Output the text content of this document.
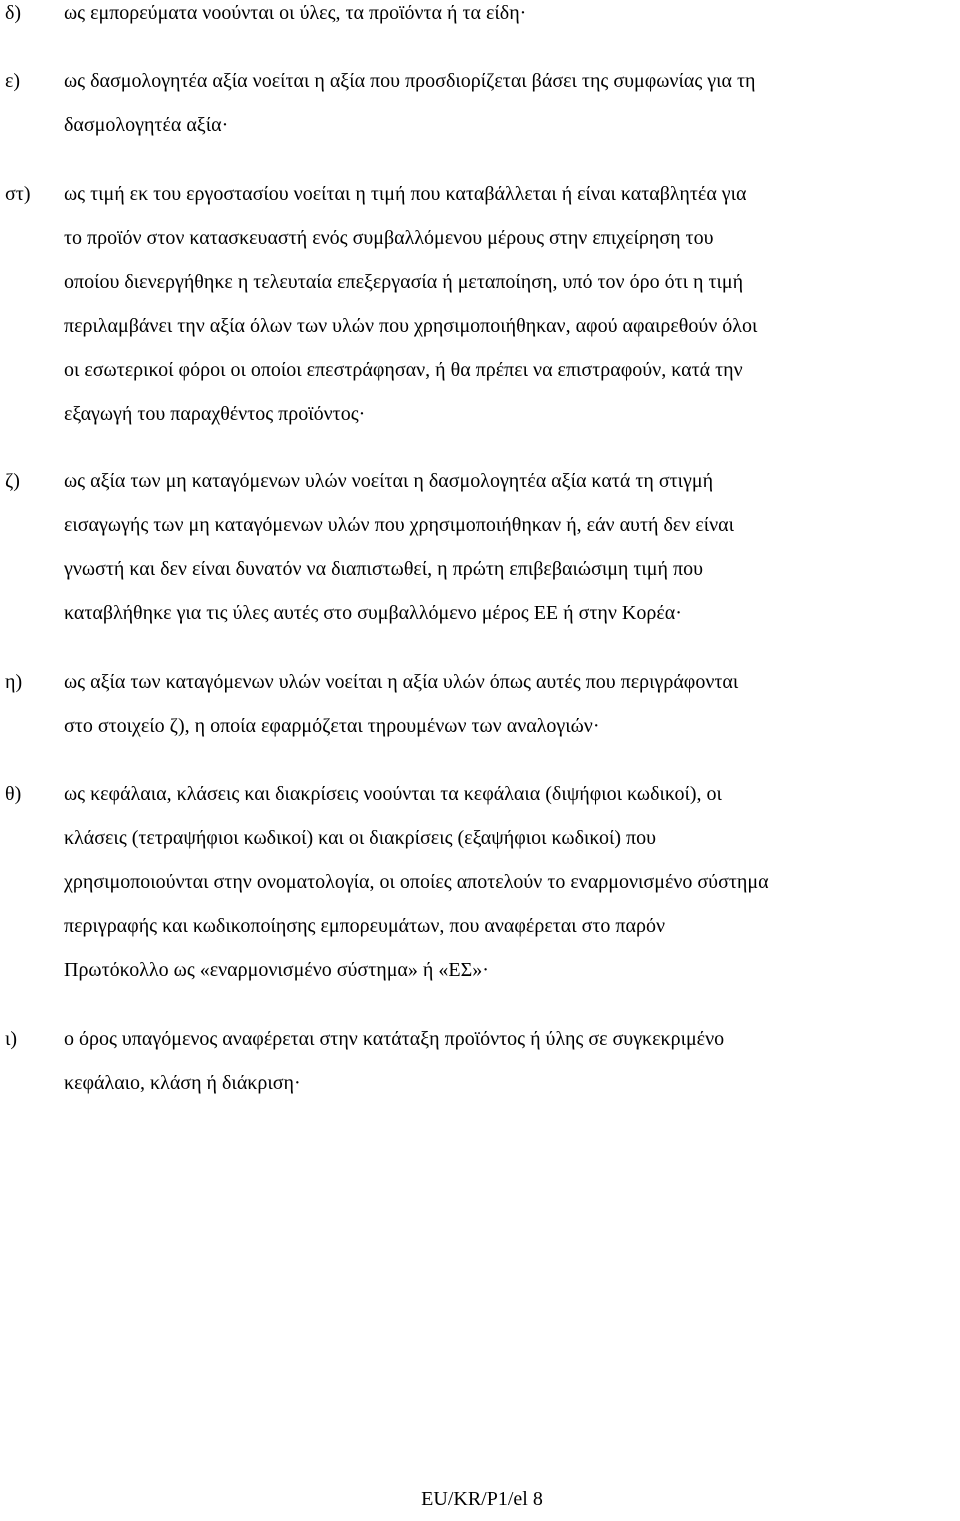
δ) ως εμπορεύματα νοούνται οι ύλες, τα προϊόντα ή τα είδη·
ε) ως δασμολογητέα αξία νοείται η αξία που προσδιορίζεται βάσει της συμφωνίας για τη
δασμολογητέα αξία·
στ) ως τιμή εκ του εργοστασίου νοείται η τιμή που καταβάλλεται ή είναι καταβλητέα για
το προϊόν στον κατασκευαστή ενός συμβαλλόμενου μέρους στην επιχείρηση του
οποίου διενεργήθηκε η τελευταία επεξεργασία ή μεταποίηση, υπό τον όρο ότι η τιμή
περιλαμβάνει την αξία όλων των υλών που χρησιμοποιήθηκαν, αφού αφαιρεθούν όλοι
οι εσωτερικοί φόροι οι οποίοι επεστράφησαν, ή θα πρέπει να επιστραφούν, κατά την
εξαγωγή του παραχθέντος προϊόντος·
ζ) ως αξία των μη καταγόμενων υλών νοείται η δασμολογητέα αξία κατά τη στιγμή
εισαγωγής των μη καταγόμενων υλών που χρησιμοποιήθηκαν ή, εάν αυτή δεν είναι
γνωστή και δεν είναι δυνατόν να διαπιστωθεί, η πρώτη επιβεβαιώσιμη τιμή που
καταβλήθηκε για τις ύλες αυτές στο συμβαλλόμενο μέρος ΕΕ ή στην Κορέα·
η) ως αξία των καταγόμενων υλών νοείται η αξία υλών όπως αυτές που περιγράφονται
στο στοιχείο ζ), η οποία εφαρμόζεται τηρουμένων των αναλογιών·
θ) ως κεφάλαια, κλάσεις και διακρίσεις νοούνται τα κεφάλαια (διψήφιοι κωδικοί), οι
κλάσεις (τετραψήφιοι κωδικοί) και οι διακρίσεις (εξαψήφιοι κωδικοί) που
χρησιμοποιούνται στην ονοματολογία, οι οποίες αποτελούν το εναρμονισμένο σύστημα
περιγραφής και κωδικοποίησης εμπορευμάτων, που αναφέρεται στο παρόν
Πρωτόκολλο ως «εναρμονισμένο σύστημα» ή «ΕΣ»·
ι) ο όρος υπαγόμενος αναφέρεται στην κατάταξη προϊόντος ή ύλης σε συγκεκριμένο
κεφάλαιο, κλάση ή διάκριση·
EU/KR/P1/el 8
